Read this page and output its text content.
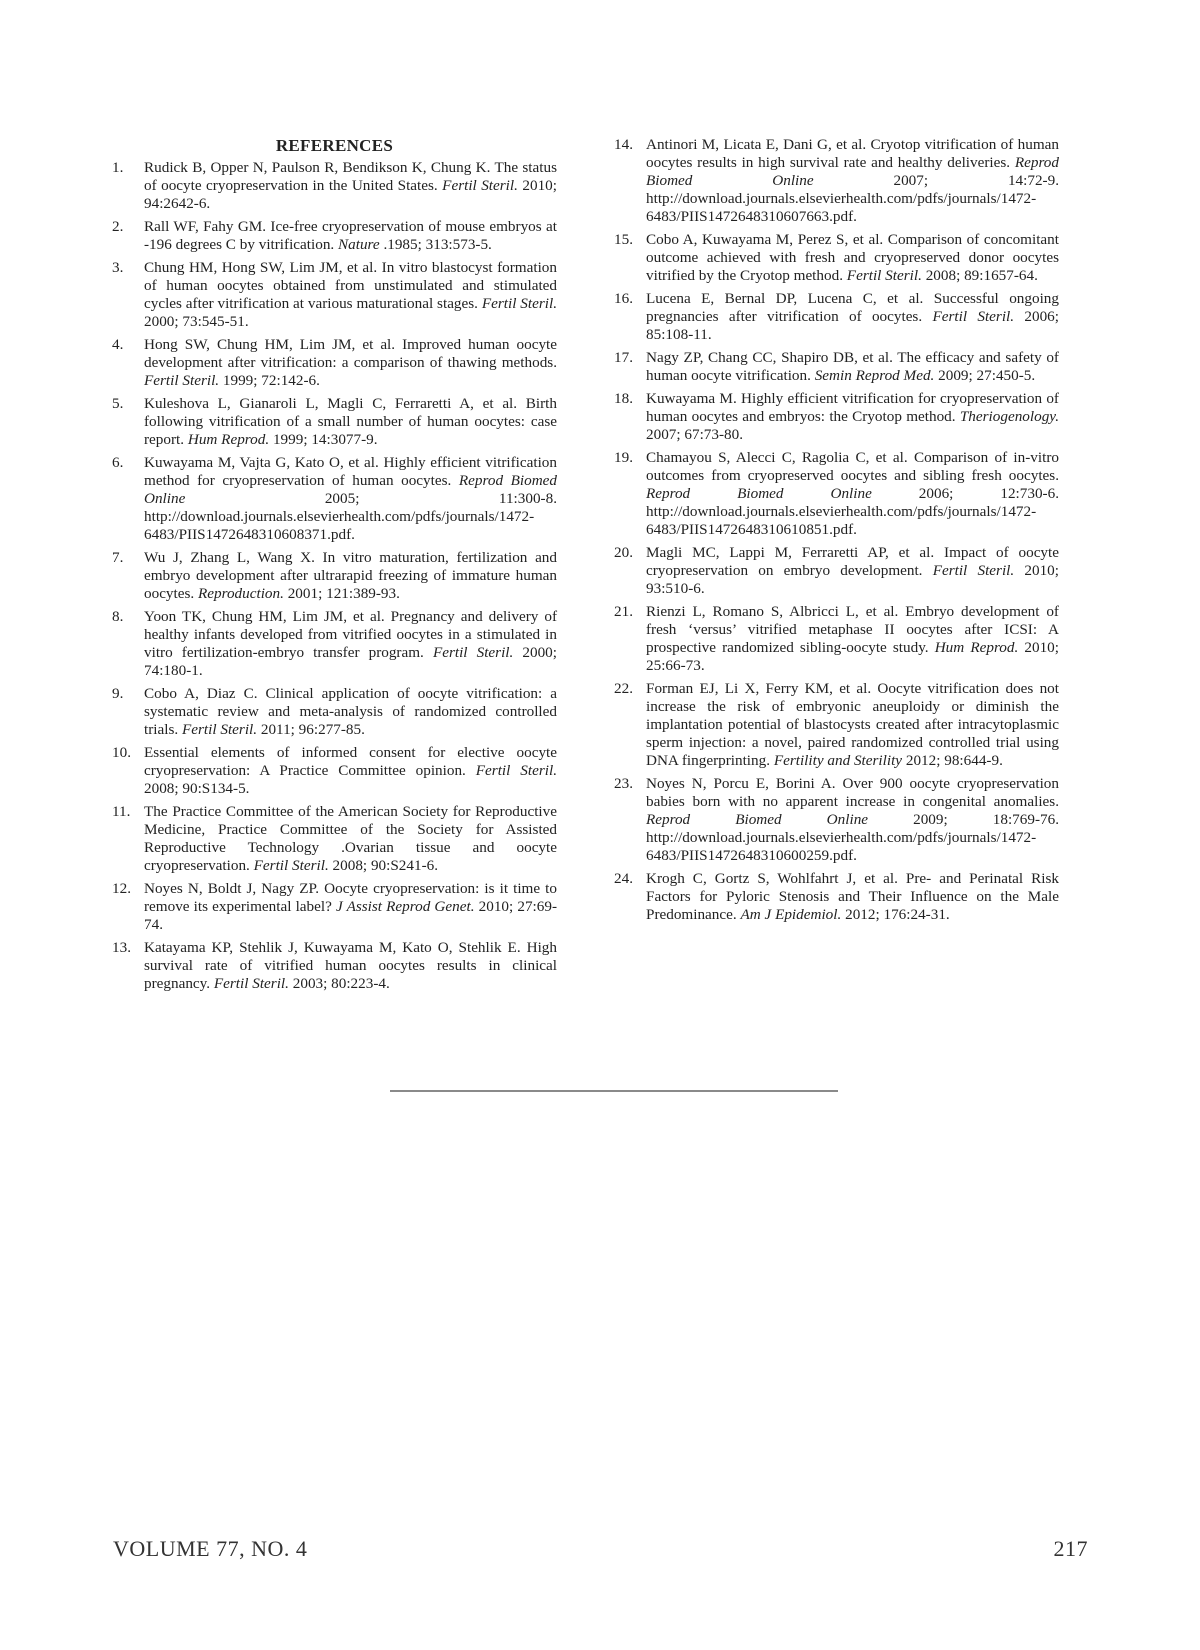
REFERENCES
1. Rudick B, Opper N, Paulson R, Bendikson K, Chung K. The status of oocyte cryopreservation in the United States. Fertil Steril. 2010; 94:2642-6.
2. Rall WF, Fahy GM. Ice-free cryopreservation of mouse embryos at -196 degrees C by vitrification. Nature .1985; 313:573-5.
3. Chung HM, Hong SW, Lim JM, et al. In vitro blastocyst formation of human oocytes obtained from unstimulated and stimulated cycles after vitrification at various maturational stages. Fertil Steril. 2000; 73:545-51.
4. Hong SW, Chung HM, Lim JM, et al. Improved human oocyte development after vitrification: a comparison of thawing methods. Fertil Steril. 1999; 72:142-6.
5. Kuleshova L, Gianaroli L, Magli C, Ferraretti A, et al. Birth following vitrification of a small number of human oocytes: case report. Hum Reprod. 1999; 14:3077-9.
6. Kuwayama M, Vajta G, Kato O, et al. Highly efficient vitrification method for cryopreservation of human oocytes. Reprod Biomed Online 2005; 11:300-8. http://download.journals.elsevierhealth.com/pdfs/journals/1472-6483/PIIS1472648310608371.pdf.
7. Wu J, Zhang L, Wang X. In vitro maturation, fertilization and embryo development after ultrarapid freezing of immature human oocytes. Reproduction. 2001; 121:389-93.
8. Yoon TK, Chung HM, Lim JM, et al. Pregnancy and delivery of healthy infants developed from vitrified oocytes in a stimulated in vitro fertilization-embryo transfer program. Fertil Steril. 2000; 74:180-1.
9. Cobo A, Diaz C. Clinical application of oocyte vitrification: a systematic review and meta-analysis of randomized controlled trials. Fertil Steril. 2011; 96:277-85.
10. Essential elements of informed consent for elective oocyte cryopreservation: A Practice Committee opinion. Fertil Steril. 2008; 90:S134-5.
11. The Practice Committee of the American Society for Reproductive Medicine, Practice Committee of the Society for Assisted Reproductive Technology .Ovarian tissue and oocyte cryopreservation. Fertil Steril. 2008; 90:S241-6.
12. Noyes N, Boldt J, Nagy ZP. Oocyte cryopreservation: is it time to remove its experimental label? J Assist Reprod Genet. 2010; 27:69-74.
13. Katayama KP, Stehlik J, Kuwayama M, Kato O, Stehlik E. High survival rate of vitrified human oocytes results in clinical pregnancy. Fertil Steril. 2003; 80:223-4.
14. Antinori M, Licata E, Dani G, et al. Cryotop vitrification of human oocytes results in high survival rate and healthy deliveries. Reprod Biomed Online 2007; 14:72-9. http://download.journals.elsevierhealth.com/pdfs/journals/1472-6483/PIIS1472648310607663.pdf.
15. Cobo A, Kuwayama M, Perez S, et al. Comparison of concomitant outcome achieved with fresh and cryopreserved donor oocytes vitrified by the Cryotop method. Fertil Steril. 2008; 89:1657-64.
16. Lucena E, Bernal DP, Lucena C, et al. Successful ongoing pregnancies after vitrification of oocytes. Fertil Steril. 2006; 85:108-11.
17. Nagy ZP, Chang CC, Shapiro DB, et al. The efficacy and safety of human oocyte vitrification. Semin Reprod Med. 2009; 27:450-5.
18. Kuwayama M. Highly efficient vitrification for cryopreservation of human oocytes and embryos: the Cryotop method. Theriogenology. 2007; 67:73-80.
19. Chamayou S, Alecci C, Ragolia C, et al. Comparison of in-vitro outcomes from cryopreserved oocytes and sibling fresh oocytes. Reprod Biomed Online 2006; 12:730-6. http://download.journals.elsevierhealth.com/pdfs/journals/1472-6483/PIIS1472648310610851.pdf.
20. Magli MC, Lappi M, Ferraretti AP, et al. Impact of oocyte cryopreservation on embryo development. Fertil Steril. 2010; 93:510-6.
21. Rienzi L, Romano S, Albricci L, et al. Embryo development of fresh ‘versus’ vitrified metaphase II oocytes after ICSI: A prospective randomized sibling-oocyte study. Hum Reprod. 2010; 25:66-73.
22. Forman EJ, Li X, Ferry KM, et al. Oocyte vitrification does not increase the risk of embryonic aneuploidy or diminish the implantation potential of blastocysts created after intracytoplasmic sperm injection: a novel, paired randomized controlled trial using DNA fingerprinting. Fertility and Sterility 2012; 98:644-9.
23. Noyes N, Porcu E, Borini A. Over 900 oocyte cryopreservation babies born with no apparent increase in congenital anomalies. Reprod Biomed Online 2009; 18:769-76. http://download.journals.elsevierhealth.com/pdfs/journals/1472-6483/PIIS1472648310600259.pdf.
24. Krogh C, Gortz S, Wohlfahrt J, et al. Pre- and Perinatal Risk Factors for Pyloric Stenosis and Their Influence on the Male Predominance. Am J Epidemiol. 2012; 176:24-31.
VOLUME 77, NO. 4	217
